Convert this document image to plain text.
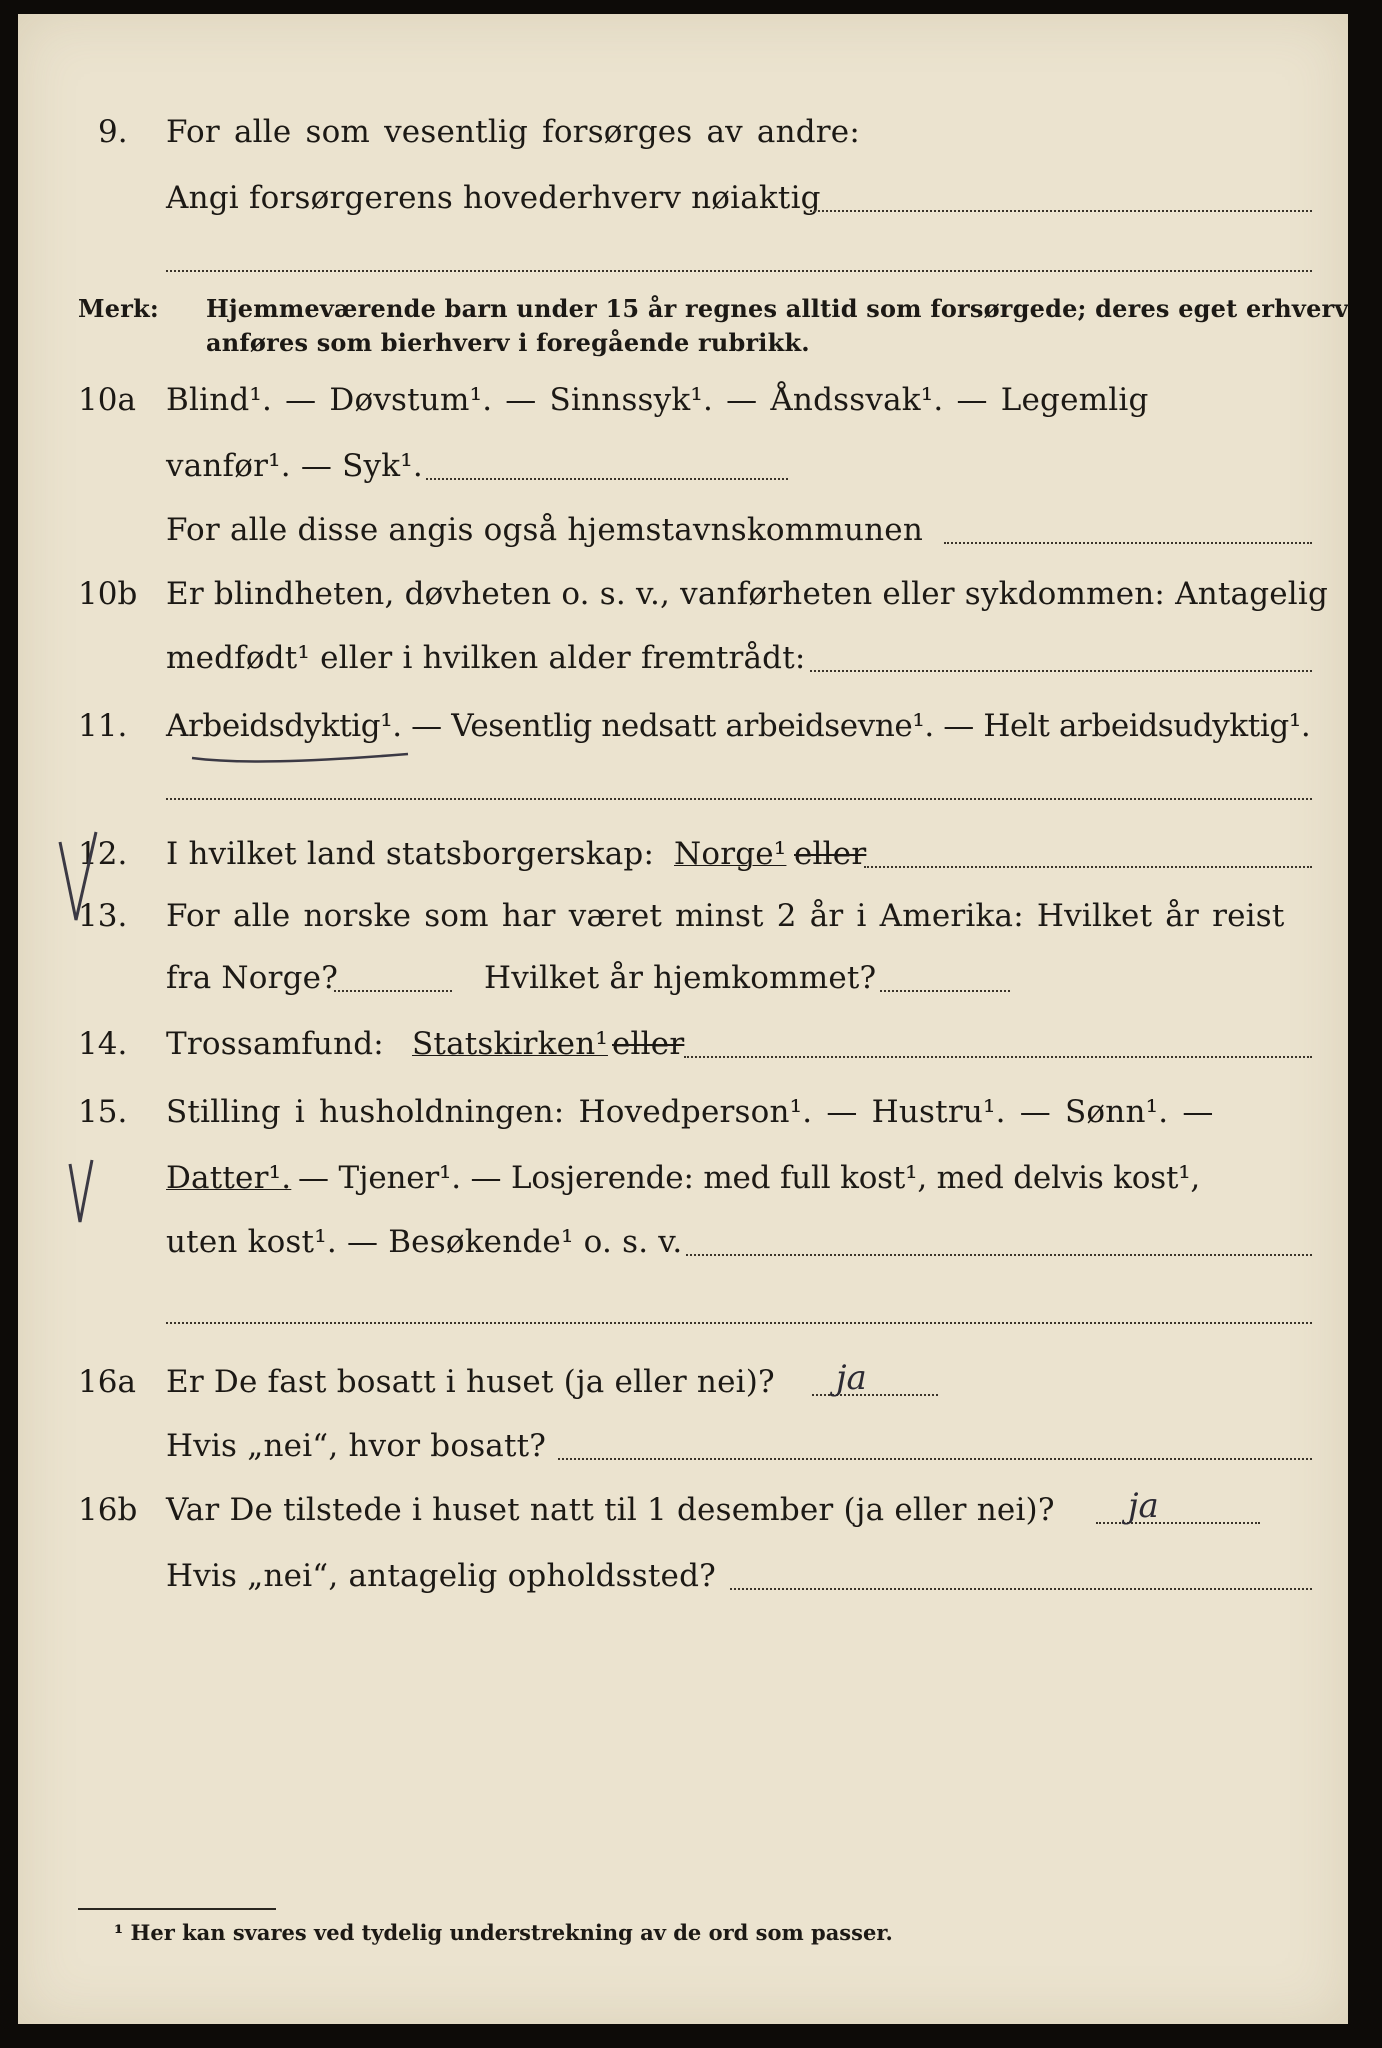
9. For alle som vesentlig forsørges av andre:
Angi forsørgerens hovederhverv nøiaktig
Merk: Hjemmeværende barn under 15 år regnes alltid som forsørgede; deres eget erhverv
anføres som bierhverv i foregående rubrikk.
10a Blind¹. — Døvstum¹. — Sinnssyk¹. — Åndssvak¹. — Legemlig
vanfør¹. — Syk¹.
For alle disse angis også hjemstavnskommunen
10b Er blindheten, døvheten o. s. v., vanførheten eller sykdommen: Antagelig
medfødt¹ eller i hvilken alder fremtrådt:
11. Arbeidsdyktig¹. — Vesentlig nedsatt arbeidsevne¹. — Helt arbeidsudyktig¹.
12. I hvilket land statsborgerskap: Norge¹ eller
13. For alle norske som har været minst 2 år i Amerika: Hvilket år reist
fra Norge?	Hvilket år hjemkommet?
14. Trossamfund: Statskirken¹ eller
15. Stilling i husholdningen: Hovedperson¹. — Hustru¹. — Sønn¹. —
Datter¹. — Tjener¹. — Losjerende: med full kost¹, med delvis kost¹,
uten kost¹. — Besøkende¹ o. s. v.
16a Er De fast bosatt i huset (ja eller nei)? ja
Hvis „nei“, hvor bosatt?
16b Var De tilstede i huset natt til 1 desember (ja eller nei)? ja
Hvis „nei“, antagelig opholdssted?
¹ Her kan svares ved tydelig understrekning av de ord som passer.
